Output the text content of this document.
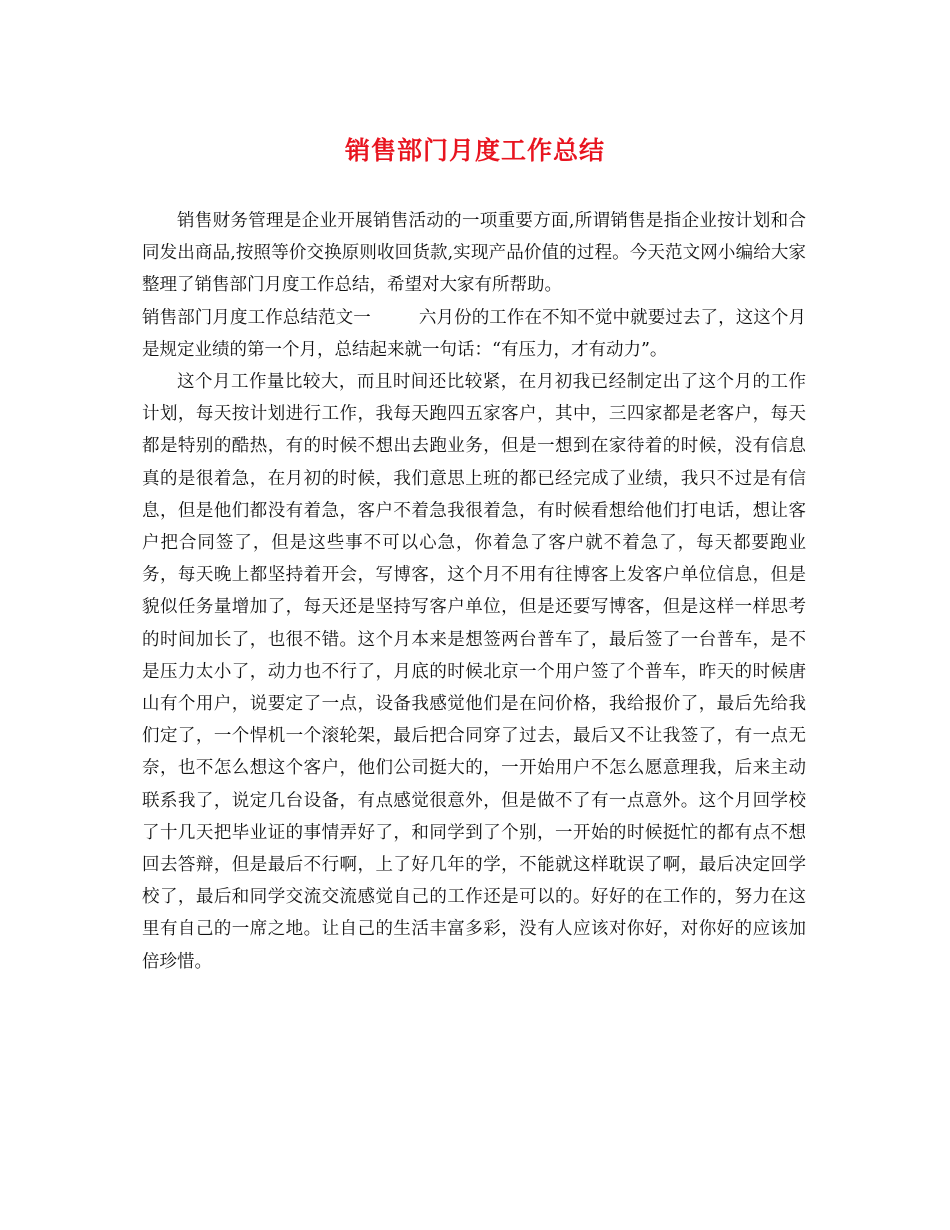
销售部门月度工作总结

销售财务管理是企业开展销售活动的一项重要方面,所谓销售是指企业按计划和合同发出商品,按照等价交换原则收回货款,实现产品价值的过程。今天范文网小编给大家整理了销售部门月度工作总结，希望对大家有所帮助。

销售部门月度工作总结范文一	六月份的工作在不知不觉中就要过去了，这这个月是规定业绩的第一个月，总结起来就一句话：“有压力，才有动力”。

这个月工作量比较大，而且时间还比较紧，在月初我已经制定出了这个月的工作计划，每天按计划进行工作，我每天跑四五家客户，其中，三四家都是老客户，每天都是特别的酷热，有的时候不想出去跑业务，但是一想到在家待着的时候，没有信息真的是很着急，在月初的时候，我们意思上班的都已经完成了业绩，我只不过是有信息，但是他们都没有着急，客户不着急我很着急，有时候看想给他们打电话，想让客户把合同签了，但是这些事不可以心急，你着急了客户就不着急了，每天都要跑业务，每天晚上都坚持着开会，写博客，这个月不用有往博客上发客户单位信息，但是貌似任务量增加了，每天还是坚持写客户单位，但是还要写博客，但是这样一样思考的时间加长了，也很不错。这个月本来是想签两台普车了，最后签了一台普车，是不是压力太小了，动力也不行了，月底的时候北京一个用户签了个普车，昨天的时候唐山有个用户，说要定了一点，设备我感觉他们是在问价格，我给报价了，最后先给我们定了，一个悍机一个滚轮架，最后把合同穿了过去，最后又不让我签了，有一点无奈，也不怎么想这个客户，他们公司挺大的，一开始用户不怎么愿意理我，后来主动联系我了，说定几台设备，有点感觉很意外，但是做不了有一点意外。这个月回学校了十几天把毕业证的事情弄好了，和同学到了个别，一开始的时候挺忙的都有点不想回去答辩，但是最后不行啊，上了好几年的学，不能就这样耽误了啊，最后决定回学校了，最后和同学交流交流感觉自己的工作还是可以的。好好的在工作的，努力在这里有自己的一席之地。让自己的生活丰富多彩，没有人应该对你好，对你好的应该加倍珍惜。
